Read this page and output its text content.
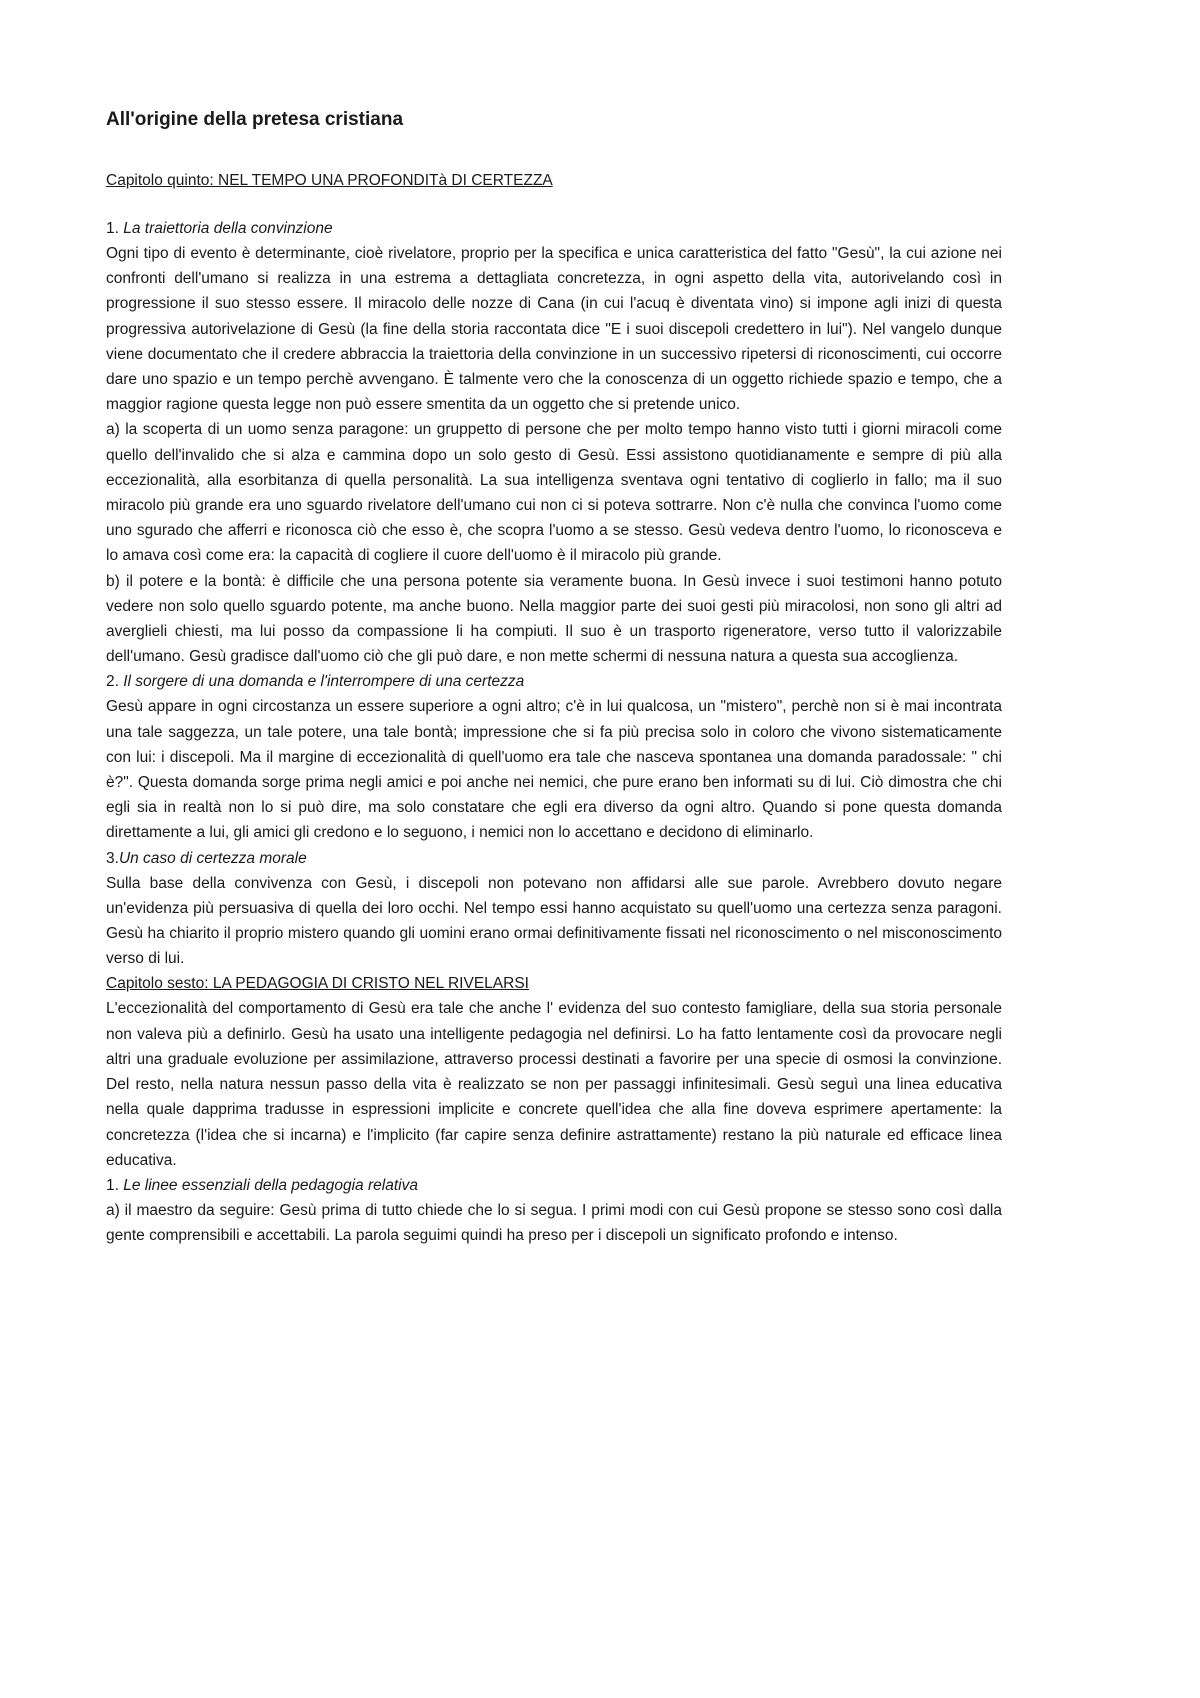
All'origine della pretesa cristiana

Capitolo quinto: NEL TEMPO UNA PROFONDITà DI CERTEZZA

1. La traiettoria della convinzione

Ogni tipo di evento è determinante, cioè rivelatore, proprio per la specifica e unica caratteristica del fatto "Gesù", la cui azione nei confronti dell'umano si realizza in una estrema a dettagliata concretezza, in ogni aspetto della vita, autorivelando così in progressione il suo stesso essere. Il miracolo delle nozze di Cana (in cui l'acuq è diventata vino) si impone agli inizi di questa progressiva autorivelazione di Gesù (la fine della storia raccontata dice "E i suoi discepoli credettero in lui"). Nel vangelo dunque viene documentato che il credere abbraccia la traiettoria della convinzione in un successivo ripetersi di riconoscimenti, cui occorre dare uno spazio e un tempo perchè avvengano. È talmente vero che la conoscenza di un oggetto richiede spazio e tempo, che a maggior ragione questa legge non può essere smentita da un oggetto che si pretende unico.

a) la scoperta di un uomo senza paragone: un gruppetto di persone che per molto tempo hanno visto tutti i giorni miracoli come quello dell'invalido che si alza e cammina dopo un solo gesto di Gesù. Essi assistono quotidianamente e sempre di più alla eccezionalità, alla esorbitanza di quella personalità. La sua intelligenza sventava ogni tentativo di coglierlo in fallo; ma il suo miracolo più grande era uno sguardo rivelatore dell'umano cui non ci si poteva sottrarre. Non c'è nulla che convinca l'uomo come uno sgurado che afferri e riconosca ciò che esso è, che scopra l'uomo a se stesso. Gesù vedeva dentro l'uomo, lo riconosceva e lo amava così come era: la capacità di cogliere il cuore dell'uomo è il miracolo più grande.

b) il potere e la bontà: è difficile che una persona potente sia veramente buona. In Gesù invece i suoi testimoni hanno potuto vedere non solo quello sguardo potente, ma anche buono. Nella maggior parte dei suoi gesti più miracolosi, non sono gli altri ad averglieli chiesti, ma lui posso da compassione li ha compiuti. Il suo è un trasporto rigeneratore, verso tutto il valorizzabile dell'umano. Gesù gradisce dall'uomo ciò che gli può dare, e non mette schermi di nessuna natura a questa sua accoglienza.

2. Il sorgere di una domanda e l'interrompere di una certezza

Gesù appare in ogni circostanza un essere superiore a ogni altro; c'è in lui qualcosa, un "mistero", perchè non si è mai incontrata una tale saggezza, un tale potere, una tale bontà; impressione che si fa più precisa solo in coloro che vivono sistematicamente con lui: i discepoli. Ma il margine di eccezionalità di quell'uomo era tale che nasceva spontanea una domanda paradossale: " chi è?". Questa domanda sorge prima negli amici e poi anche nei nemici, che pure erano ben informati su di lui. Ciò dimostra che chi egli sia in realtà non lo si può dire, ma solo constatare che egli era diverso da ogni altro. Quando si pone questa domanda direttamente a lui, gli amici gli credono e lo seguono, i nemici non lo accettano e decidono di eliminarlo.

3.Un caso di certezza morale

Sulla base della convivenza con Gesù, i discepoli non potevano non affidarsi alle sue parole. Avrebbero dovuto negare un'evidenza più persuasiva di quella dei loro occhi. Nel tempo essi hanno acquistato su quell'uomo una certezza senza paragoni. Gesù ha chiarito il proprio mistero quando gli uomini erano ormai definitivamente fissati nel riconoscimento o nel misconoscimento verso di lui.

Capitolo sesto: LA PEDAGOGIA DI CRISTO NEL RIVELARSI

L'eccezionalità del comportamento di Gesù era tale che anche l' evidenza del suo contesto famigliare, della sua storia personale non valeva più a definirlo. Gesù ha usato una intelligente pedagogia nel definirsi. Lo ha fatto lentamente così da provocare negli altri una graduale evoluzione per assimilazione, attraverso processi destinati a favorire per una specie di osmosi la convinzione. Del resto, nella natura nessun passo della vita è realizzato se non per passaggi infinitesimali. Gesù seguì una linea educativa nella quale dapprima tradusse in espressioni implicite e concrete quell'idea che alla fine doveva esprimere apertamente: la concretezza (l'idea che si incarna) e l'implicito (far capire senza definire astrattamente) restano la più naturale ed efficace linea educativa.

1. Le linee essenziali della pedagogia relativa

a) il maestro da seguire: Gesù prima di tutto chiede che lo si segua. I primi modi con cui Gesù propone se stesso sono così dalla gente comprensibili e accettabili. La parola seguimi quindi ha preso per i discepoli un significato profondo e intenso.
